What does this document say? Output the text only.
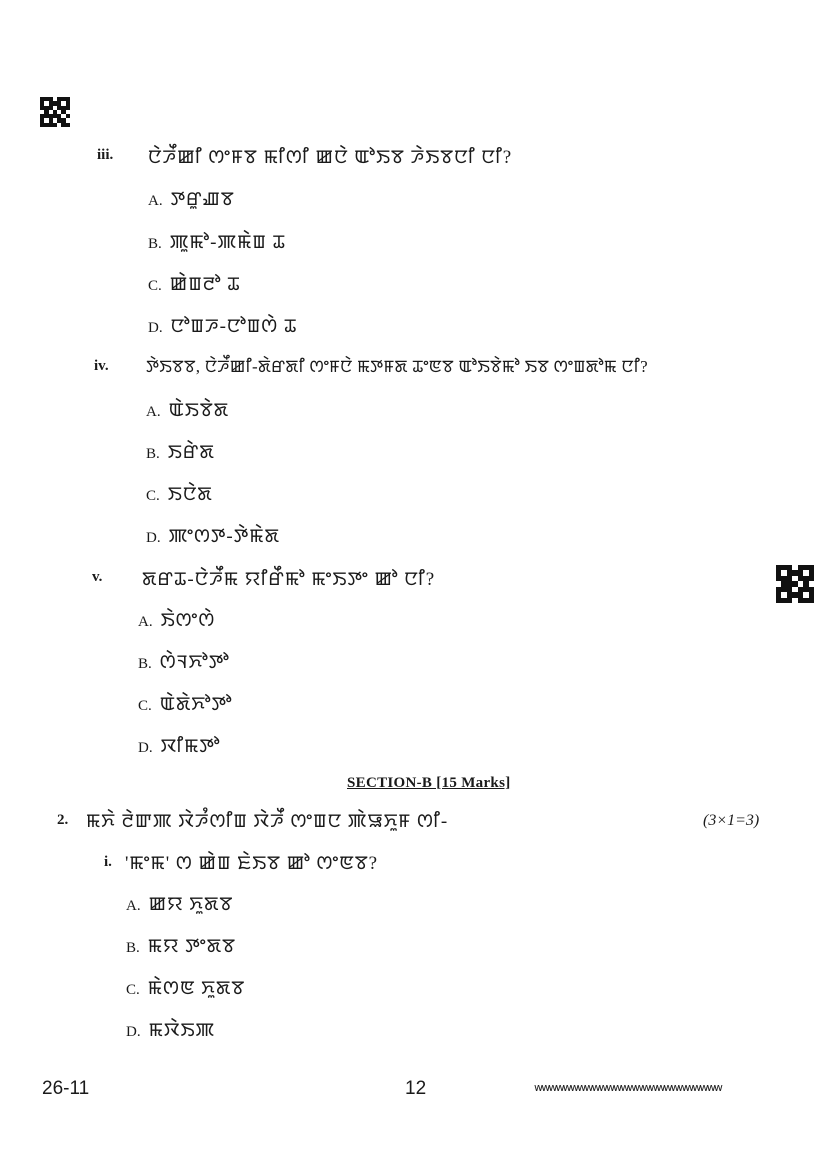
iii. ꯅꯥꯍꯩꯀꯤ ꯁꯦꯝꯕ ꯃꯤꯁꯤ ꯀꯅꯥ ꯑꯣꯏꯕ ꯍꯥꯏꯕꯅꯤ ꯅꯤ?
A. ꯇꯔꯨꯉꯕ
B. ꯄꯨꯃꯣ-ꯄꯃꯥꯡ ꯊ
C. ꯀꯥꯡꯂꯣ ꯊ
D. ꯅꯣꯡꯍ-ꯅꯣꯡꯁꯥ ꯊ
iv. ꯇꯥꯏꯕꯕ, ꯅꯥꯍꯩꯀꯤ-ꯗꯥꯔꯗꯤ ꯁꯦꯝꯅꯥ ꯃꯇꯝꯗ ꯊꯦꯟꯕ ꯑꯣꯏꯕꯥꯃꯣ ꯏꯕ ꯁꯦꯡꯗꯣꯃ ꯅꯤ?
A. ꯑꯥꯏꯕꯥꯗ
B. ꯏꯔꯥꯗ
C. ꯏꯅꯥꯗ
D. ꯄꯦꯁꯇ-ꯇꯥꯃꯥꯗ
v. ꯗꯔꯊ-ꯅꯥꯍꯩꯃ ꯌꯤꯔꯩꯃꯣ ꯃꯦꯏꯇꯦ ꯀꯣ ꯅꯤ?
A. ꯏꯥꯁꯦꯁꯥ
B. ꯁꯥꯜꯈꯣꯇꯣ
C. ꯑꯥꯗꯥꯈꯣꯇꯣ
D. ꯋꯤꯃꯇꯣ
SECTION-B [15 Marks]
2. ꯃꯈꯥ ꯂꯥꯛꯄ ꯋꯥꯍꯪꯁꯤꯡ ꯋꯥꯍꯩ ꯁꯦꯡꯅ ꯄꯥꯎꯈꯨꯝ ꯁꯤ-	(3×1=3)
i. 'ꯃꯦꯃ' ꯁ ꯀꯥꯡ ꯐꯥꯏꯕ ꯀꯣ ꯁꯦꯟꯕ?
A. ꯀꯌ ꯈꯨꯗꯕ
B. ꯃꯌ ꯇꯦꯗꯕ
C. ꯃꯥꯁꯟ ꯈꯨꯗꯕ
D. ꯃꯋꯥꯏꯄ
26-11	12	wwwwwwwwwwwwwwwwwwwwwwwwww
